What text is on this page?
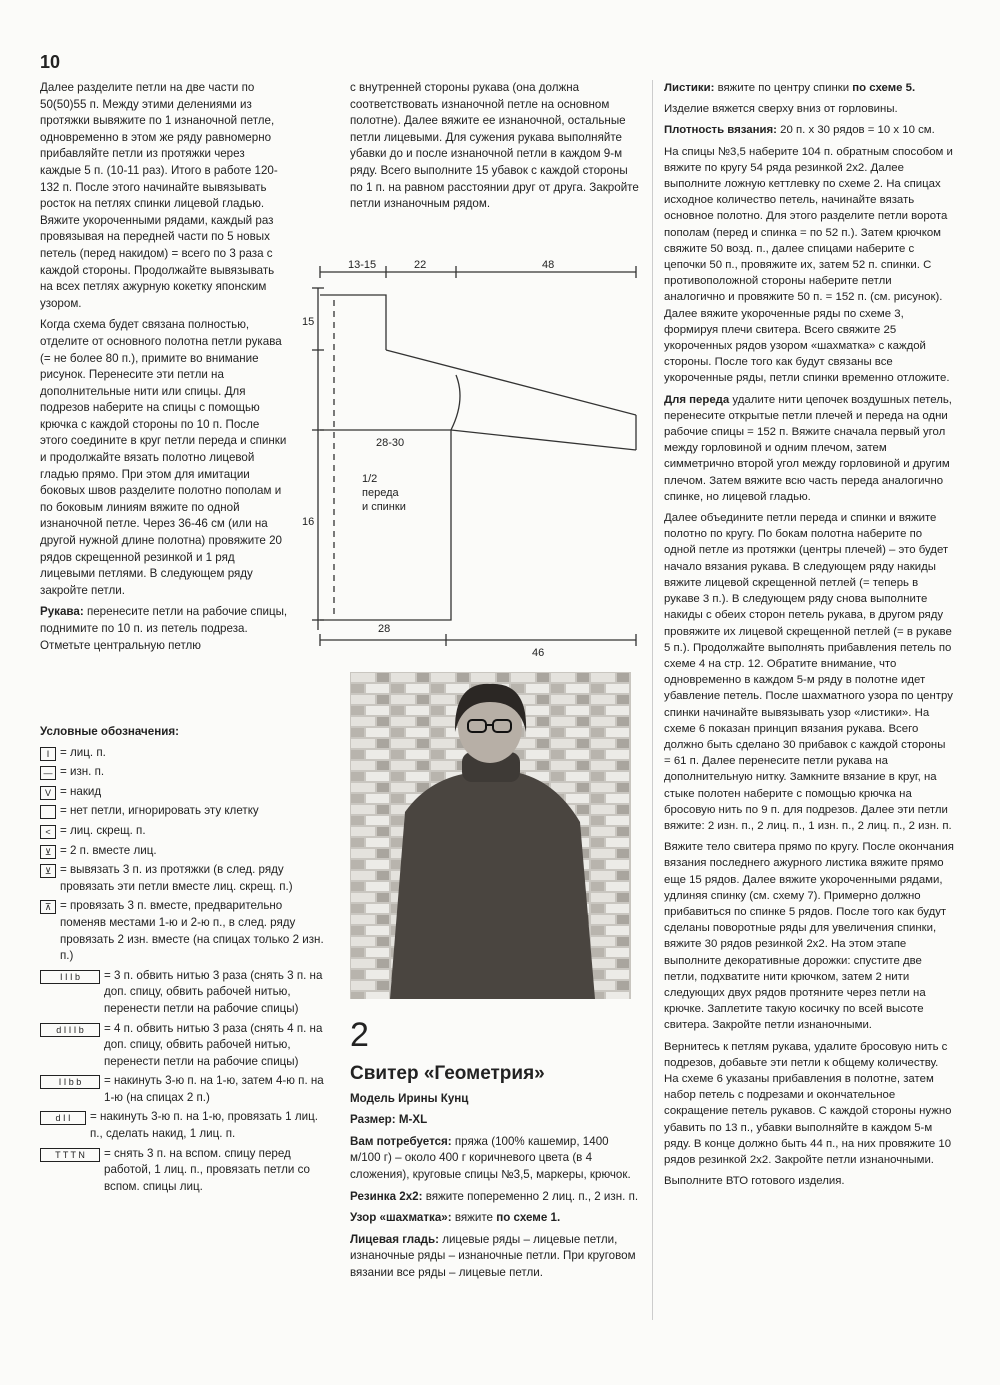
10

Далее разделите петли на две части по 50(50)55 п. Между этими делениями из протяжки вывяжите по 1 изнаночной петле, одновременно в этом же ряду равномерно прибавляйте петли из протяжки через каждые 5 п. (10-11 раз). Итого в работе 120-132 п. После этого начинайте вывязывать росток на петлях спинки лицевой гладью. Вяжите укороченными рядами, каждый раз провязывая на передней части по 5 новых петель (перед накидом) = всего по 3 раза с каждой стороны. Продолжайте вывязывать на всех петлях ажурную кокетку японским узором.

Когда схема будет связана полностью, отделите от основного полотна петли рукава (= не более 80 п.), примите во внимание рисунок. Перенесите эти петли на дополнительные нити или спицы. Для подрезов наберите на спицы с помощью крючка с каждой стороны по 10 п. После этого соедините в круг петли переда и спинки и продолжайте вязать полотно лицевой гладью прямо. При этом для имитации боковых швов разделите полотно пополам и по боковым линиям вяжите по одной изнаночной петле. Через 36-46 см (или на другой нужной длине полотна) провяжите 20 рядов скрещенной резинкой и 1 ряд лицевыми петлями. В следующем ряду закройте петли.

Рукава: перенесите петли на рабочие спицы, поднимите по 10 п. из петель подреза. Отметьте центральную петлю

с внутренней стороны рукава (она должна соответствовать изнаночной петле на основном полотне). Далее вяжите ее изнаночной, остальные петли лицевыми. Для сужения рукава выполняйте убавки до и после изнаночной петли в каждом 9-м ряду. Всего выполните 15 убавок с каждой стороны по 1 п. на равном расстоянии друг от друга. Закройте петли изнаночным рядом.

13-15	22	48
15
16
28-30
1/2
переда
и спинки
28
46
2

Свитер «Геометрия»

Модель Ирины Кунц

Размер: M-XL

Вам потребуется: пряжа (100% кашемир, 1400 м/100 г) – около 400 г коричневого цвета (в 4 сложения), круговые спицы №3,5, маркеры, крючок.

Резинка 2х2: вяжите попеременно 2 лиц. п., 2 изн. п.

Узор «шахматка»: вяжите по схеме 1.

Лицевая гладь: лицевые ряды – лицевые петли, изнаночные ряды – изнаночные петли. При круговом вязании все ряды – лицевые петли.

Листики: вяжите по центру спинки по схеме 5.

Изделие вяжется сверху вниз от горловины.

Плотность вязания: 20 п. х 30 рядов = 10 х 10 см.

На спицы №3,5 наберите 104 п. обратным способом и вяжите по кругу 54 ряда резинкой 2х2. Далее выполните ложную кеттлевку по схеме 2. На спицах исходное количество петель, начинайте вязать основное полотно. Для этого разделите петли ворота пополам (перед и спинка = по 52 п.). Затем крючком свяжите 50 возд. п., далее спицами наберите с цепочки 50 п., провяжите их, затем 52 п. спинки. С противоположной стороны наберите петли аналогично и провяжите 50 п. = 152 п. (см. рисунок). Далее вяжите укороченные ряды по схеме 3, формируя плечи свитера. Всего свяжите 25 укороченных рядов узором «шахматка» с каждой стороны. После того как будут связаны все укороченные ряды, петли спинки временно отложите.

Для переда удалите нити цепочек воздушных петель, перенесите открытые петли плечей и переда на одни рабочие спицы = 152 п. Вяжите сначала первый угол между горловиной и одним плечом, затем симметрично второй угол между горловиной и другим плечом. Затем вяжите всю часть переда аналогично спинке, но лицевой гладью.

Далее объедините петли переда и спинки и вяжите полотно по кругу. По бокам полотна наберите по одной петле из протяжки (центры плечей) – это будет начало вязания рукава. В следующем ряду накиды вяжите лицевой скрещенной петлей (= теперь в рукаве 3 п.). В следующем ряду снова выполните накиды с обеих сторон петель рукава, в другом ряду провяжите их лицевой скрещенной петлей (= в рукаве 5 п.). Продолжайте выполнять прибавления петель по схеме 4 на стр. 12. Обратите внимание, что одновременно в каждом 5-м ряду в полотне идет убавление петель. После шахматного узора по центру спинки начинайте вывязывать узор «листики». На схеме 6 показан принцип вязания рукава. Всего должно быть сделано 30 прибавок с каждой стороны = 61 п. Далее перенесите петли рукава на дополнительную нитку. Замкните вязание в круг, на стыке полотен наберите с помощью крючка на бросовую нить по 9 п. для подрезов. Далее эти петли вяжите: 2 изн. п., 2 лиц. п., 1 изн. п., 2 лиц. п., 2 изн. п.

Вяжите тело свитера прямо по кругу. После окончания вязания последнего ажурного листика вяжите прямо еще 15 рядов. Далее вяжите укороченными рядами, удлиняя спинку (см. схему 7). Примерно должно прибавиться по спинке 5 рядов. После того как будут сделаны поворотные ряды для увеличения спинки, вяжите 30 рядов резинкой 2х2. На этом этапе выполните декоративные дорожки: спустите две петли, подхватите нити крючком, затем 2 нити следующих двух рядов протяните через петли на крючке. Заплетите такую косичку по всей высоте свитера. Закройте петли изнаночными.

Вернитесь к петлям рукава, удалите бросовую нить с подрезов, добавьте эти петли к общему количеству. На схеме 6 указаны прибавления в полотне, затем набор петель с подрезами и окончательное сокращение петель рукавов. С каждой стороны нужно убавить по 13 п., убавки выполняйте в каждом 5-м ряду. В конце должно быть 44 п., на них провяжите 10 рядов резинкой 2х2. Закройте петли изнаночными.

Выполните ВТО готового изделия.

Условные обозначения:
I = лиц. п.
— = изн. п.
V = накид
= нет петли, игнорировать эту клетку
< = лиц. скрещ. п.
⊻ = 2 п. вместе лиц.
⊻ = вывязать 3 п. из протяжки (в след. ряду провязать эти петли вместе лиц. скрещ. п.)
⊼ = провязать 3 п. вместе, предварительно поменяв местами 1-ю и 2-ю п., в след. ряду провязать 2 изн. вместе (на спицах только 2 изн. п.)
I I I b	= 3 п. обвить нитью 3 раза (снять 3 п. на доп. спицу, обвить рабочей нитью, перенести петли на рабочие спицы)
d I I I b	= 4 п. обвить нитью 3 раза (снять 4 п. на доп. спицу, обвить рабочей нитью, перенести петли на рабочие спицы)
I I b b	= накинуть 3-ю п. на 1-ю, затем 4-ю п. на 1-ю (на спицах 2 п.)
d I I	= накинуть 3-ю п. на 1-ю, провязать 1 лиц. п., сделать накид, 1 лиц. п.
T T T N	= снять 3 п. на вспом. спицу перед работой, 1 лиц. п., провязать петли со вспом. спицы лиц.
